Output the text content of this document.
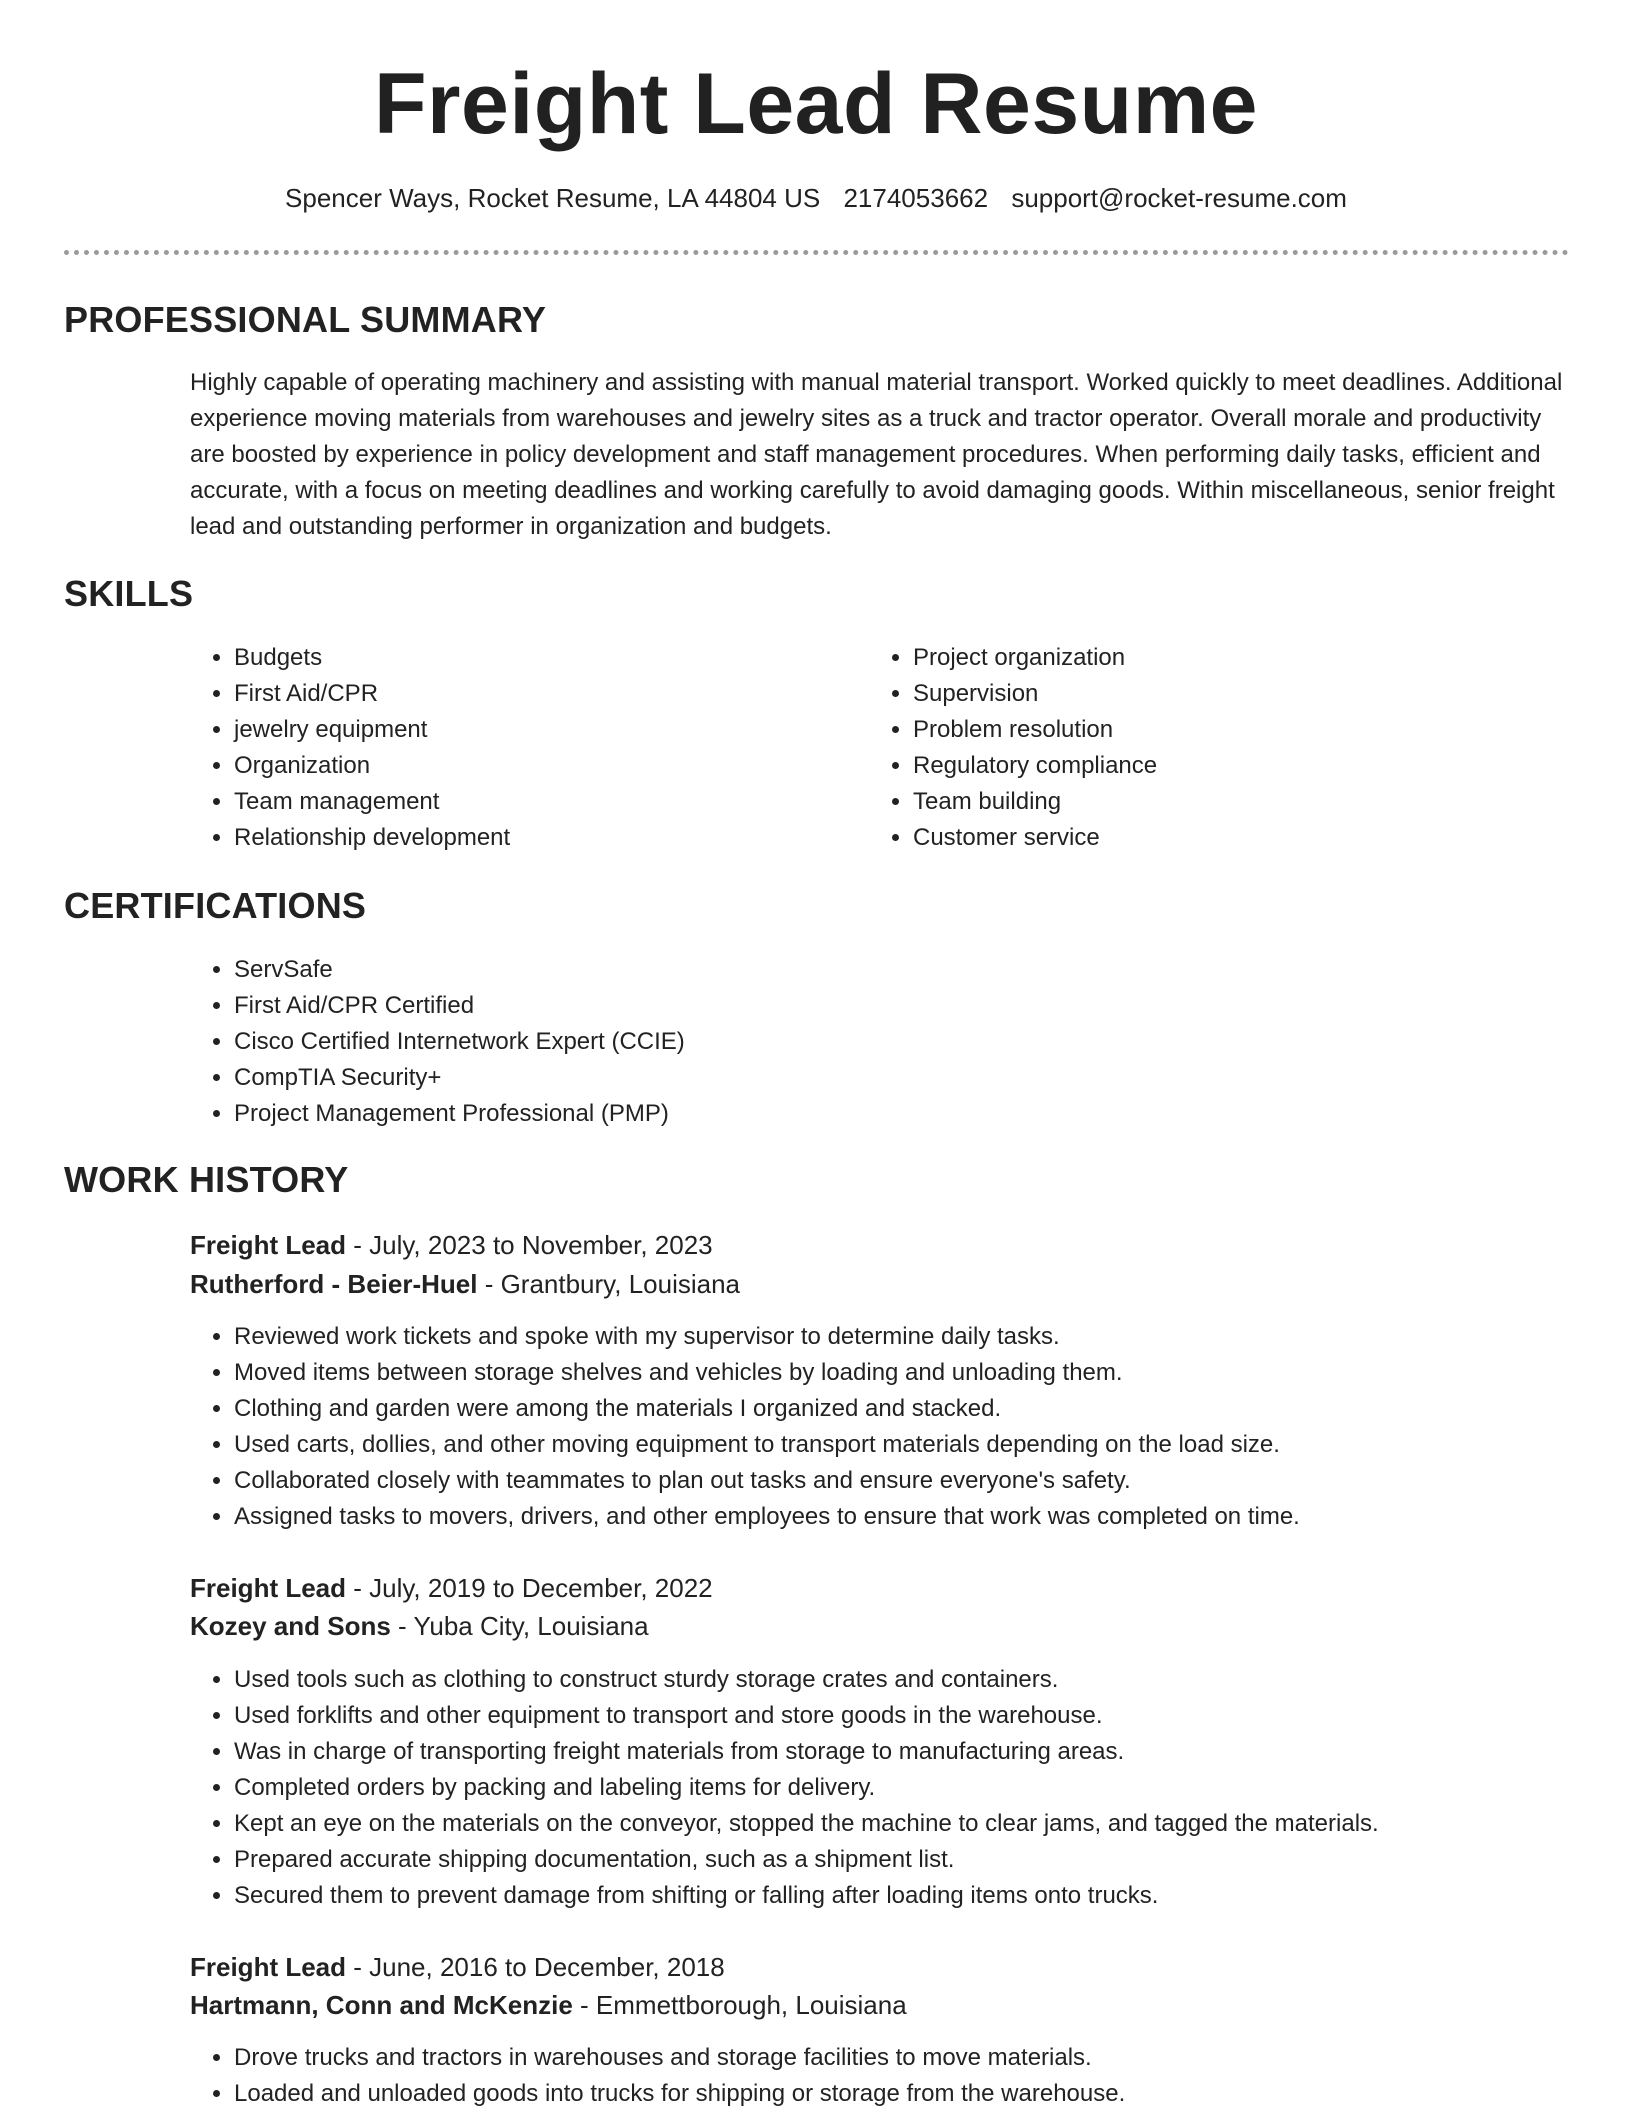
Freight Lead Resume
Spencer Ways, Rocket Resume, LA 44804 US 2174053662 support@rocket-resume.com
PROFESSIONAL SUMMARY

Highly capable of operating machinery and assisting with manual material transport. Worked quickly to meet deadlines. Additional experience moving materials from warehouses and jewelry sites as a truck and tractor operator. Overall morale and productivity are boosted by experience in policy development and staff management procedures. When performing daily tasks, efficient and accurate, with a focus on meeting deadlines and working carefully to avoid damaging goods. Within miscellaneous, senior freight lead and outstanding performer in organization and budgets.

SKILLS
• Budgets
• First Aid/CPR
• jewelry equipment
• Organization
• Team management
• Relationship development
• Project organization
• Supervision
• Problem resolution
• Regulatory compliance
• Team building
• Customer service
CERTIFICATIONS
• ServSafe
• First Aid/CPR Certified
• Cisco Certified Internetwork Expert (CCIE)
• CompTIA Security+
• Project Management Professional (PMP)
WORK HISTORY
Freight Lead - July, 2023 to November, 2023
Rutherford - Beier-Huel - Grantbury, Louisiana
• Reviewed work tickets and spoke with my supervisor to determine daily tasks.
• Moved items between storage shelves and vehicles by loading and unloading them.
• Clothing and garden were among the materials I organized and stacked.
• Used carts, dollies, and other moving equipment to transport materials depending on the load size.
• Collaborated closely with teammates to plan out tasks and ensure everyone's safety.
• Assigned tasks to movers, drivers, and other employees to ensure that work was completed on time.
Freight Lead - July, 2019 to December, 2022
Kozey and Sons - Yuba City, Louisiana
• Used tools such as clothing to construct sturdy storage crates and containers.
• Used forklifts and other equipment to transport and store goods in the warehouse.
• Was in charge of transporting freight materials from storage to manufacturing areas.
• Completed orders by packing and labeling items for delivery.
• Kept an eye on the materials on the conveyor, stopped the machine to clear jams, and tagged the materials.
• Prepared accurate shipping documentation, such as a shipment list.
• Secured them to prevent damage from shifting or falling after loading items onto trucks.
Freight Lead - June, 2016 to December, 2018
Hartmann, Conn and McKenzie - Emmettborough, Louisiana
• Drove trucks and tractors in warehouses and storage facilities to move materials.
• Loaded and unloaded goods into trucks for shipping or storage from the warehouse.
